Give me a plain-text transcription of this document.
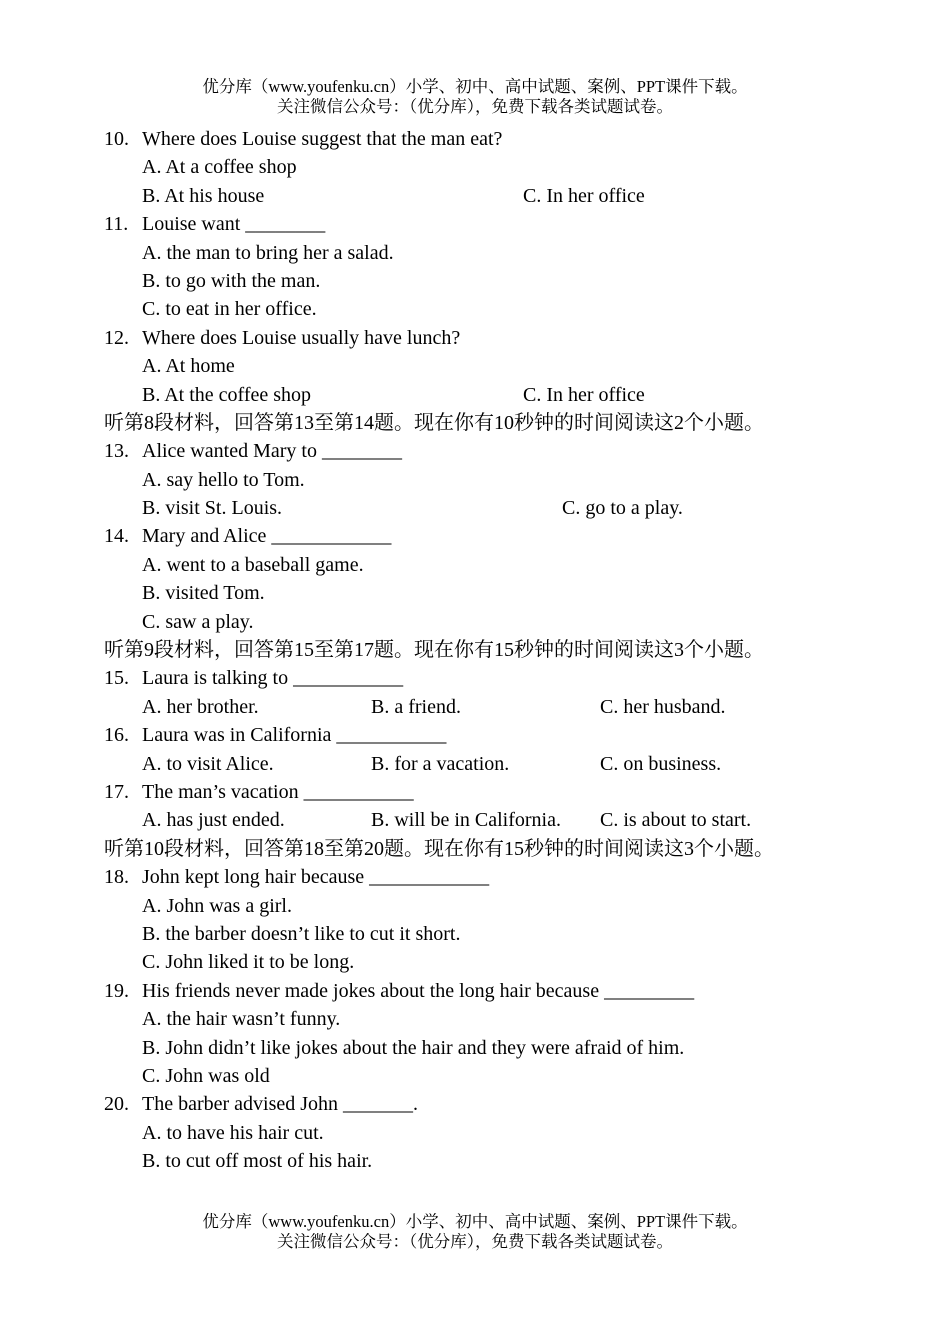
优分库（www.youfenku.cn）小学、初中、高中试题、案例、PPT课件下载。
关注微信公众号：（优分库），免费下载各类试题试卷。
10. Where does Louise suggest that the man eat?
A. At a coffee shop
B. At his house	C. In her office
11. Louise want ________
A. the man to bring her a salad.
B. to go with the man.
C. to eat in her office.
12. Where does Louise usually have lunch?
A. At home
B. At the coffee shop	C. In her office
听第8段材料，回答第13至第14题。现在你有10秒钟的时间阅读这2个小题。
13. Alice wanted Mary to ________
A. say hello to Tom.
B. visit St. Louis.	C. go to a play.
14. Mary and Alice ____________
A. went to a baseball game.
B. visited Tom.
C. saw a play.
听第9段材料，回答第15至第17题。现在你有15秒钟的时间阅读这3个小题。
15. Laura is talking to ___________
A. her brother.	B. a friend.	C. her husband.
16. Laura was in California ___________
A. to visit Alice.	B. for a vacation.	C. on business.
17. The man’s vacation ___________
A. has just ended.	B. will be in California. C. is about to start.
听第10段材料，回答第18至第20题。现在你有15秒钟的时间阅读这3个小题。
18. John kept long hair because ____________
A. John was a girl.
B. the barber doesn’t like to cut it short.
C. John liked it to be long.
19. His friends never made jokes about the long hair because _________
A. the hair wasn’t funny.
B. John didn’t like jokes about the hair and they were afraid of him.
C. John was old
20. The barber advised John _______.
A. to have his hair cut.
B. to cut off most of his hair.
优分库（www.youfenku.cn）小学、初中、高中试题、案例、PPT课件下载。
关注微信公众号：（优分库），免费下载各类试题试卷。
